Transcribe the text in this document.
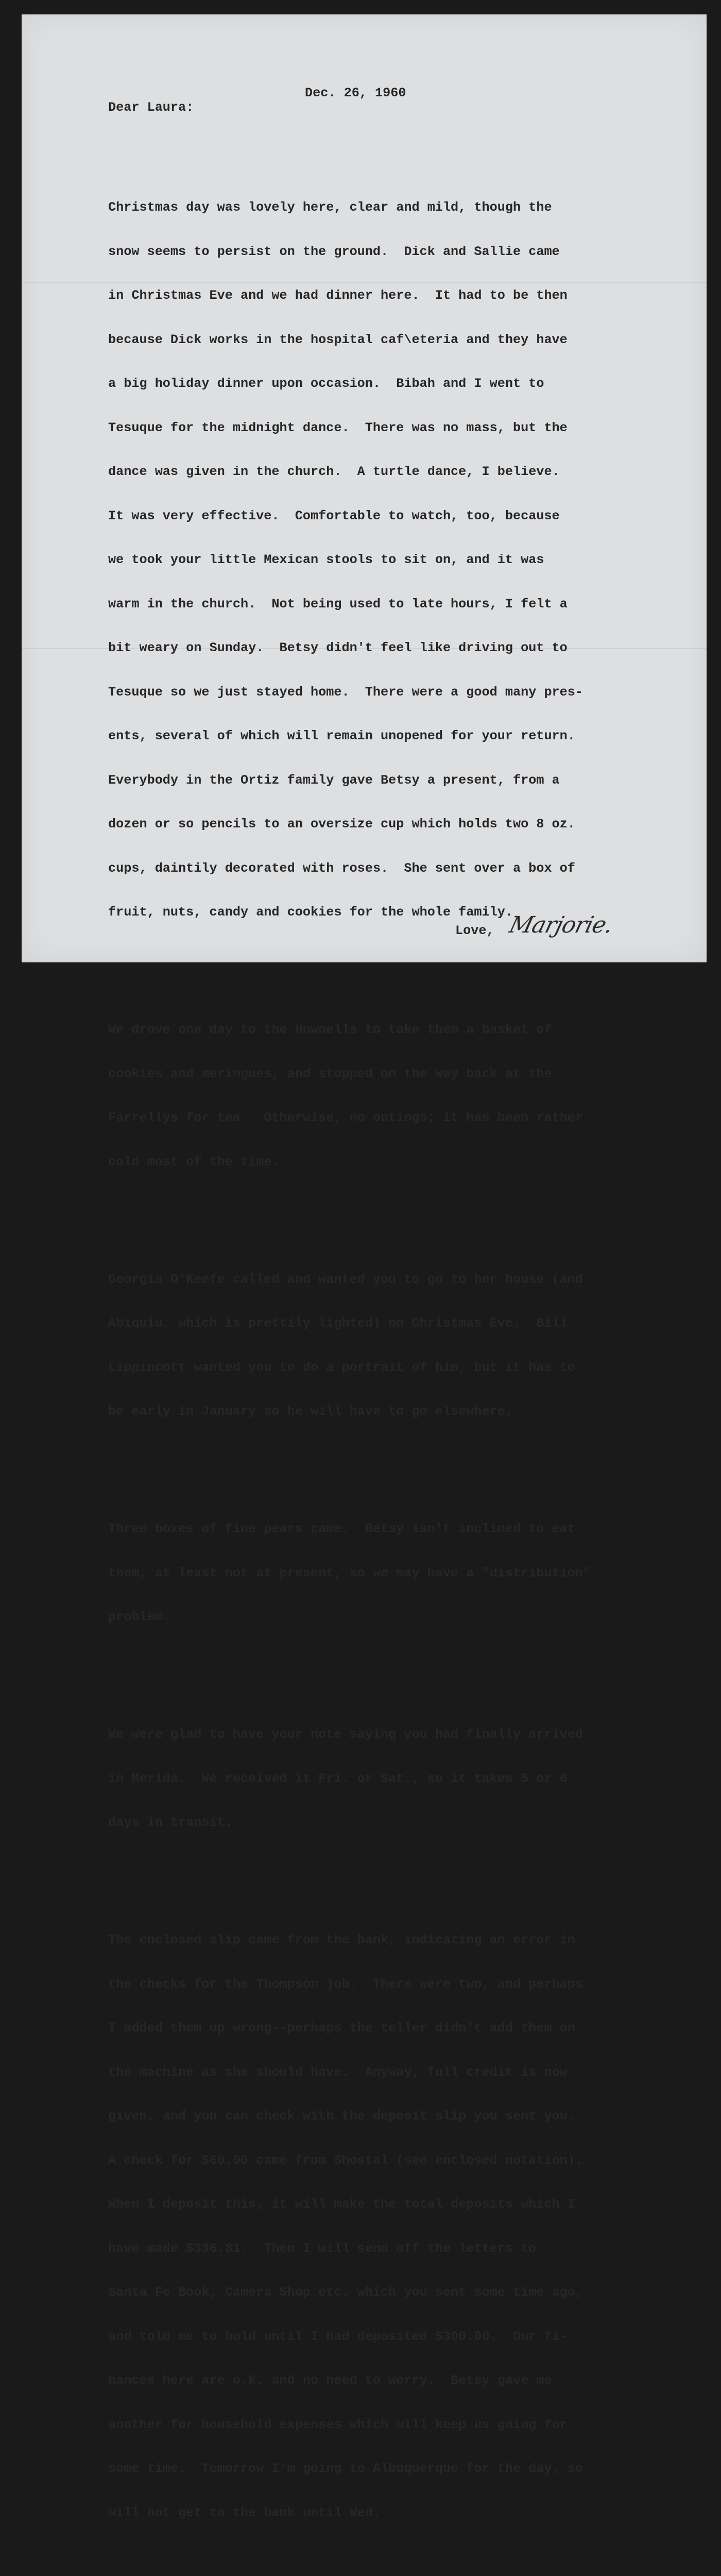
Dec. 26, 1960
Dear Laura:

Christmas day was lovely here, clear and mild, though the

snow seems to persist on the ground.  Dick and Sallie came

in Christmas Eve and we had dinner here.  It had to be then

because Dick works in the hospital caf\eteria and they have

a big holiday dinner upon occasion.  Bibah and I went to

Tesuque for the midnight dance.  There was no mass, but the

dance was given in the church.  A turtle dance, I believe.

It was very effective.  Comfortable to watch, too, because

we took your little Mexican stools to sit on, and it was

warm in the church.  Not being used to late hours, I felt a

bit weary on Sunday.  Betsy didn't feel like driving out to

Tesuque so we just stayed home.  There were a good many pres-

ents, several of which will remain unopened for your return.

Everybody in the Ortiz family gave Betsy a present, from a

dozen or so pencils to an oversize cup which holds two 8 oz.

cups, daintily decorated with roses.  She sent over a box of

fruit, nuts, candy and cookies for the whole family.

We drove one day to the Hownells to take them a basket of

cookies and meringues, and stopped on the way back at the

Farrellys for tea.  Otherwise, no outings; it has been rather

cold most of the time.

Georgia O'Keefe called and wanted you to go to her house (and

Abiquiu, which is prettily lighted) on Christmas Eve.  Bill

Lippincott wanted you to do a portrait of him, but it has to

be early in January so he will have to go elsewhere.

Three boxes of fine pears came.  Betsy isn't inclined to eat

them, at least not at present, so we may have a "distribution"

problem.

We were glad to have your note saying you had finally arrived

in Merida.  We received it Fri. or Sat., so it takes 5 or 6

days in transit.

The enclosed slip came from the bank, indicating an error in

the checks for the Thompson job.  There were two, and perhaps

I added them up wrong--perhaps the teller didn't add them on

the machine as she should have.  Anyway, full credit is now

given, and you can check with the deposit slip you sent you.

A check for $60.00 came from Shostal (see enclosed notation).

When I deposit this, it will make the total deposits which I

have made $336.81.  Then I will send off the letters to

Santa Fe Book, Camera Shop etc. which you sent some time ago,

and told me to hold until I had deposited $300.00.  Our fi-

nances here are o.k. and no need to worry.  Betsy gave me

another for household expenses which will keep us going for

some time.  Tomorrow I'm going to Albuquerque for the day, so

will not get to the bank until Wed.

Love, Marjorie.
